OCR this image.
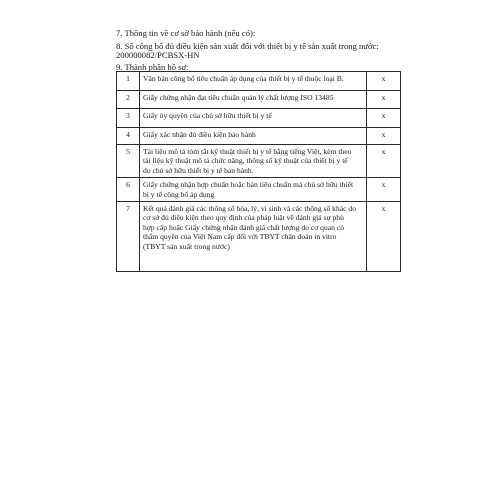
7. Thông tin về cơ sở bảo hành (nếu có):
8. Số công bố đủ điều kiện sản xuất đối với thiết bị y tế sản xuất trong nước:
200000082/PCBSX-HN
9. Thành phần hồ sơ:
1	Văn bản công bố tiêu chuẩn áp dụng của thiết bị y tế thuộc loại B.	x
2	Giấy chứng nhận đạt tiêu chuẩn quản lý chất lượng ISO 13485	x
3	Giấy ủy quyền của chủ sở hữu thiết bị y tế	x
4	Giấy xác nhận đủ điều kiện bảo hành	x
5	Tài liệu mô tả tóm tắt kỹ thuật thiết bị y tế bằng tiếng Việt, kèm theo
tài liệu kỹ thuật mô tả chức năng, thông số kỹ thuật của thiết bị y tế
do chủ sở hữu thiết bị y tế ban hành.	x
6	Giấy chứng nhận hợp chuẩn hoặc bản tiêu chuẩn mà chủ sở hữu thiết
bị y tế công bố áp dụng	x
7	Kết quả đánh giá các thông số hóa, lý, vi sinh và các thông số khác do
cơ sở đủ điều kiện theo quy định của pháp luật về đánh giá sự phù
hợp cấp hoặc Giấy chứng nhận đánh giá chất lượng do cơ quan có
thẩm quyền của Việt Nam cấp đối với TBYT chẩn đoán in vitro
(TBYT sản xuất trong nước)	x
